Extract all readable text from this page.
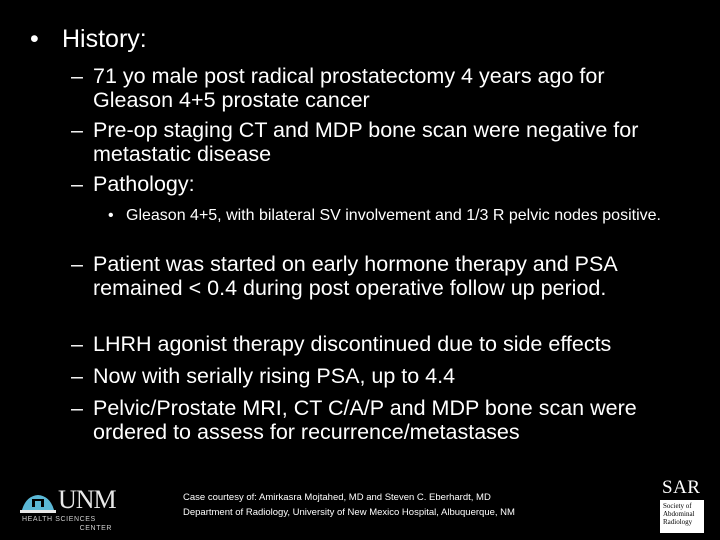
• History:
– 71 yo male post radical prostatectomy 4 years ago for Gleason 4+5 prostate cancer
– Pre-op staging CT and MDP bone scan were negative for metastatic disease
– Pathology:
• Gleason 4+5, with bilateral SV involvement and 1/3 R pelvic nodes positive.
– Patient was started on early hormone therapy and PSA remained < 0.4 during post operative follow up period.
– LHRH agonist therapy discontinued due to side effects
– Now with serially rising PSA, up to 4.4
– Pelvic/Prostate MRI, CT C/A/P and MDP bone scan were ordered to assess for recurrence/metastases
UNM
HEALTH SCIENCES
CENTER
Case courtesy of: Amirkasra Mojtahed, MD and Steven C. Eberhardt, MD
Department of Radiology, University of New Mexico Hospital, Albuquerque, NM
SAR
Society of
Abdominal
Radiology
